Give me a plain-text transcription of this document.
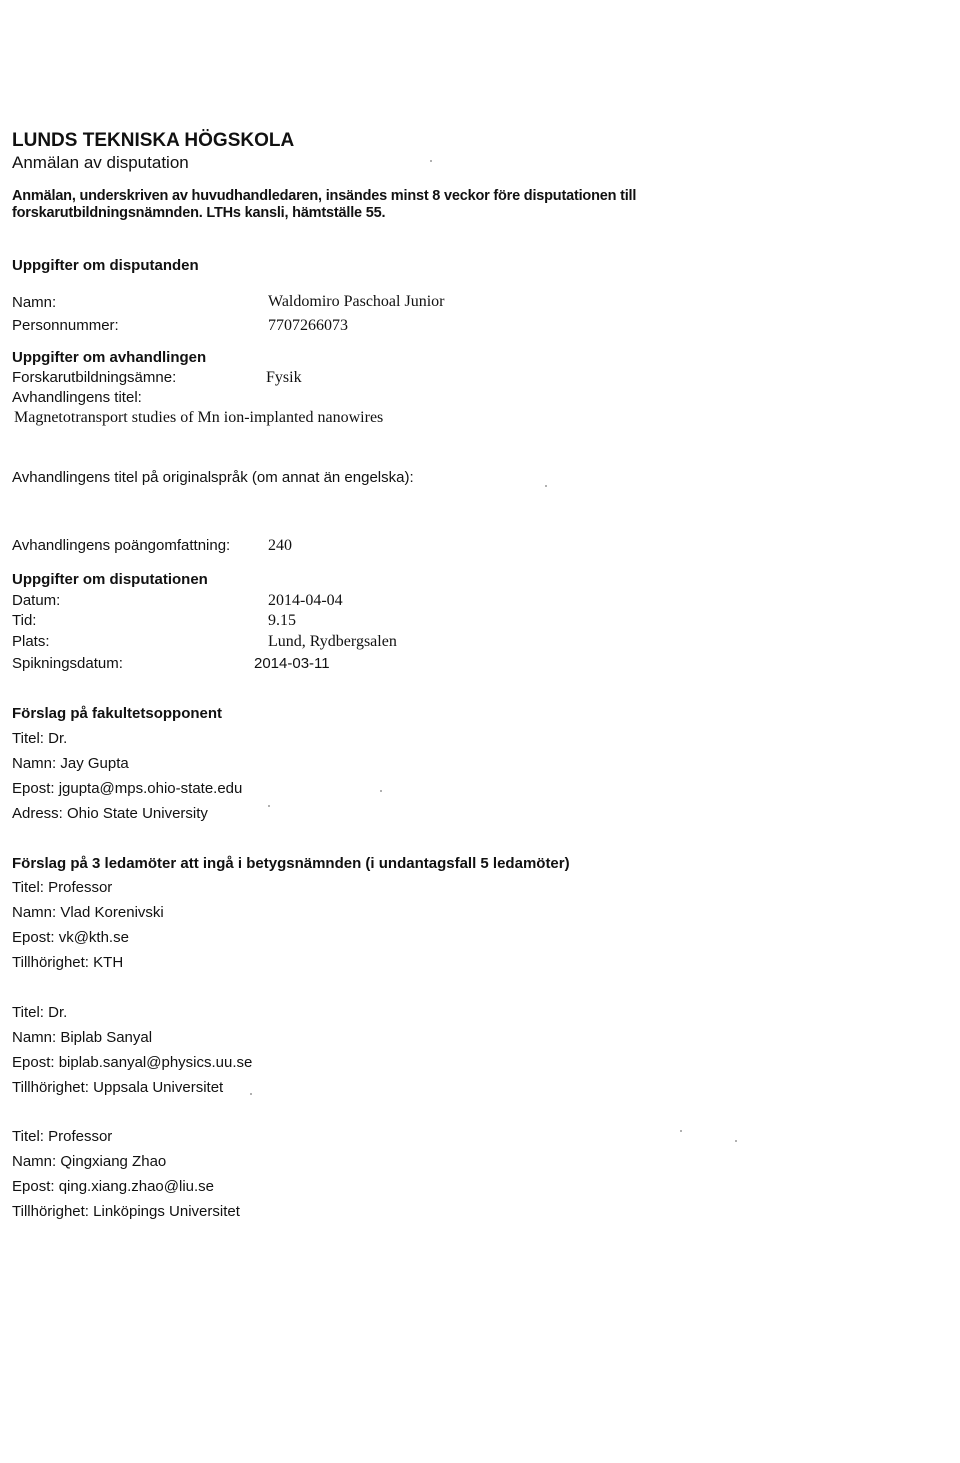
LUNDS TEKNISKA HÖGSKOLA
Anmälan av disputation
Anmälan, underskriven av huvudhandledaren, insändes minst 8 veckor före disputationen till
forskarutbildningsnämnden. LTHs kansli, hämtställe 55.
Uppgifter om disputanden
Namn:	Waldomiro Paschoal Junior
Personnummer:	7707266073
Uppgifter om avhandlingen
Forskarutbildningsämne:	Fysik
Avhandlingens titel:
Magnetotransport studies of Mn ion-implanted nanowires
Avhandlingens titel på originalspråk (om annat än engelska):
Avhandlingens poängomfattning: 240
Uppgifter om disputationen
Datum:	2014-04-04
Tid:	9.15
Plats:	Lund, Rydbergsalen
Spikningsdatum:	2014-03-11
Förslag på fakultetsopponent
Titel: Dr.
Namn: Jay Gupta
Epost: jgupta@mps.ohio-state.edu
Adress: Ohio State University
Förslag på 3 ledamöter att ingå i betygsnämnden (i undantagsfall 5 ledamöter)
Titel: Professor
Namn: Vlad Korenivski
Epost: vk@kth.se
Tillhörighet: KTH
Titel: Dr.
Namn: Biplab Sanyal
Epost: biplab.sanyal@physics.uu.se
Tillhörighet: Uppsala Universitet
Titel: Professor
Namn: Qingxiang Zhao
Epost: qing.xiang.zhao@liu.se
Tillhörighet: Linköpings Universitet
